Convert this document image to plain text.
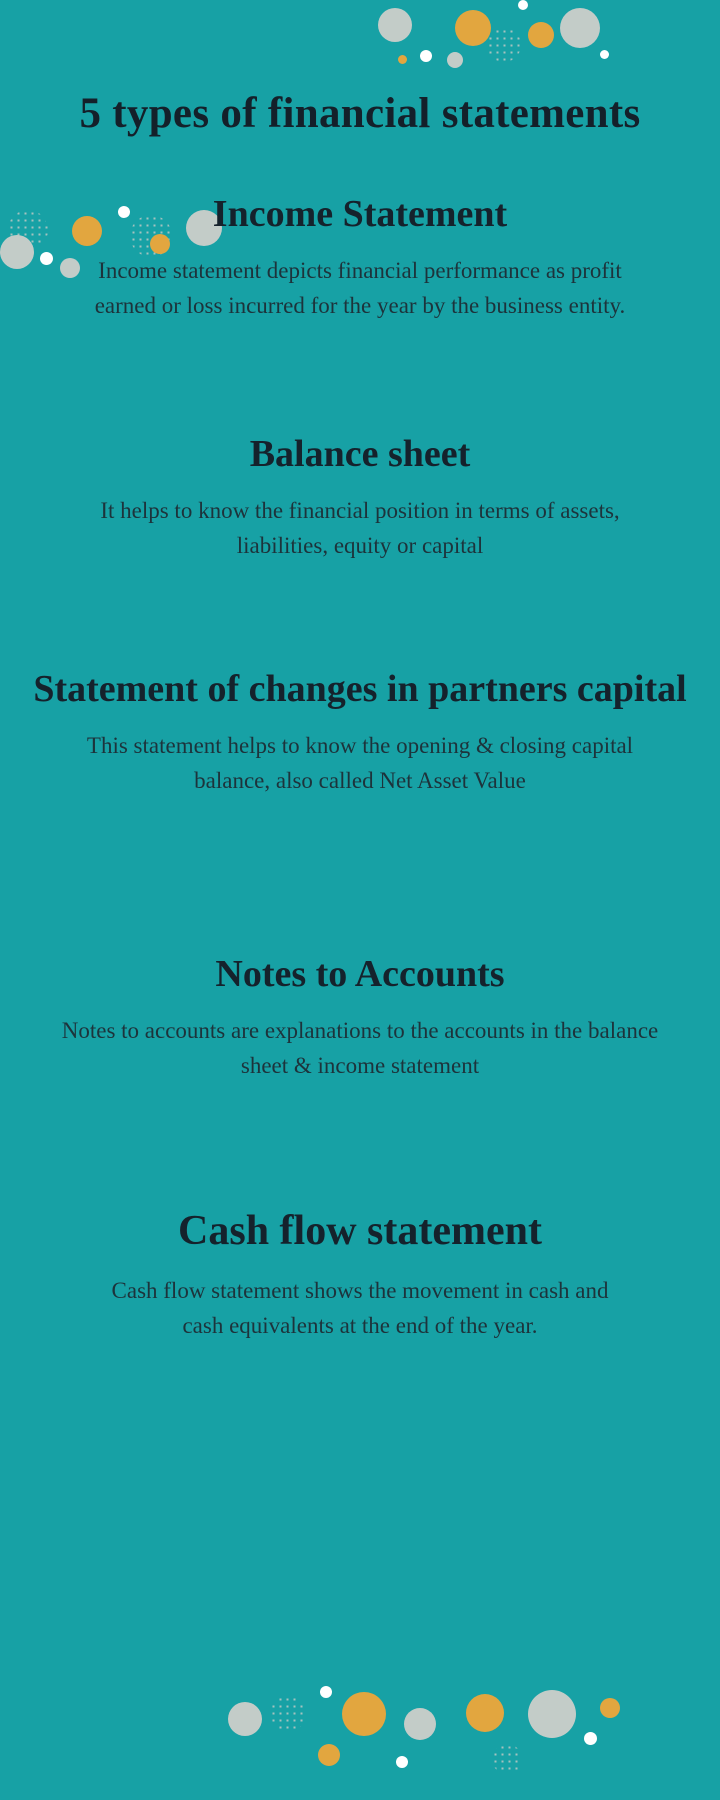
5 types of financial statements
Income Statement

Income statement depicts financial performance as profit earned or loss incurred for the year by the business entity.

Balance sheet

It helps to know the financial position in terms of assets, liabilities, equity or capital

Statement of changes in partners capital

This statement helps to know the opening & closing capital balance, also called Net Asset Value

Notes to Accounts

Notes to accounts are explanations to the accounts in the balance sheet & income statement

Cash flow statement

Cash flow statement shows the movement in cash and cash equivalents at the end of the year.
